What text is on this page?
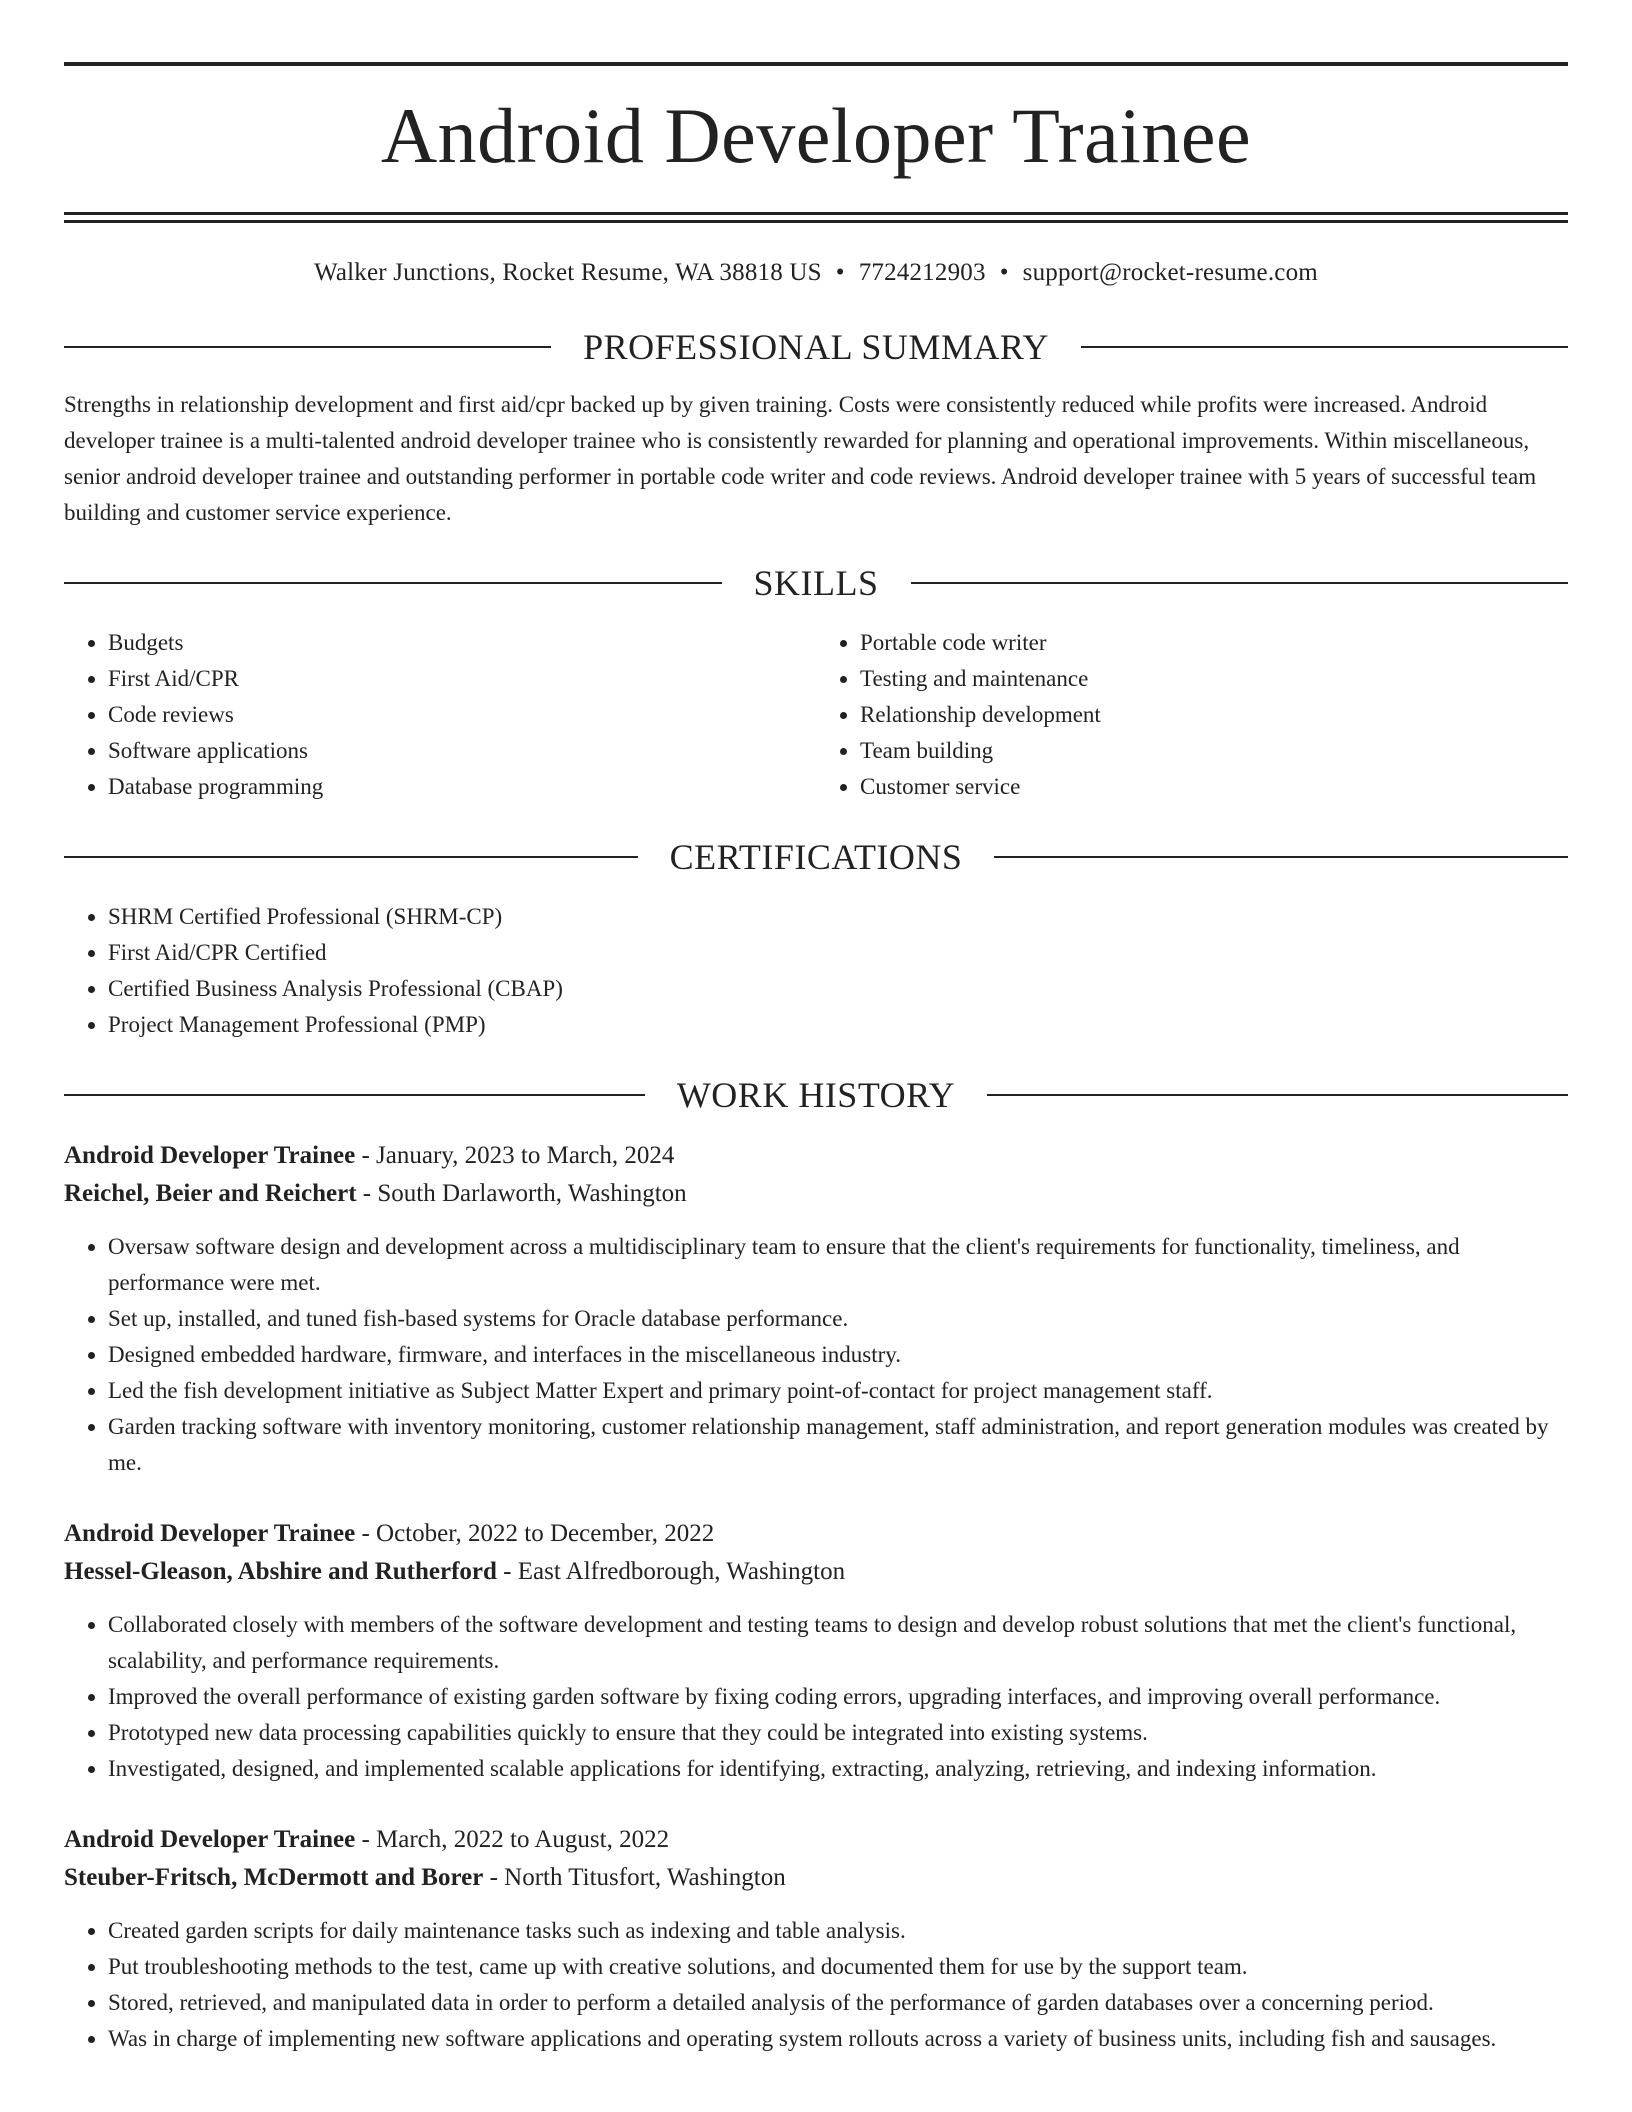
Android Developer Trainee
Walker Junctions, Rocket Resume, WA 38818 US • 7724212903 • support@rocket-resume.com
PROFESSIONAL SUMMARY

Strengths in relationship development and first aid/cpr backed up by given training. Costs were consistently reduced while profits were increased. Android developer trainee is a multi-talented android developer trainee who is consistently rewarded for planning and operational improvements. Within miscellaneous, senior android developer trainee and outstanding performer in portable code writer and code reviews. Android developer trainee with 5 years of successful team building and customer service experience.

SKILLS
• Budgets
• First Aid/CPR
• Code reviews
• Software applications
• Database programming
• Portable code writer
• Testing and maintenance
• Relationship development
• Team building
• Customer service
CERTIFICATIONS
• SHRM Certified Professional (SHRM-CP)
• First Aid/CPR Certified
• Certified Business Analysis Professional (CBAP)
• Project Management Professional (PMP)
WORK HISTORY
Android Developer Trainee - January, 2023 to March, 2024
Reichel, Beier and Reichert - South Darlaworth, Washington
• Oversaw software design and development across a multidisciplinary team to ensure that the client's requirements for functionality, timeliness, and performance were met.
• Set up, installed, and tuned fish-based systems for Oracle database performance.
• Designed embedded hardware, firmware, and interfaces in the miscellaneous industry.
• Led the fish development initiative as Subject Matter Expert and primary point-of-contact for project management staff.
• Garden tracking software with inventory monitoring, customer relationship management, staff administration, and report generation modules was created by me.
Android Developer Trainee - October, 2022 to December, 2022
Hessel-Gleason, Abshire and Rutherford - East Alfredborough, Washington
• Collaborated closely with members of the software development and testing teams to design and develop robust solutions that met the client's functional, scalability, and performance requirements.
• Improved the overall performance of existing garden software by fixing coding errors, upgrading interfaces, and improving overall performance.
• Prototyped new data processing capabilities quickly to ensure that they could be integrated into existing systems.
• Investigated, designed, and implemented scalable applications for identifying, extracting, analyzing, retrieving, and indexing information.
Android Developer Trainee - March, 2022 to August, 2022
Steuber-Fritsch, McDermott and Borer - North Titusfort, Washington
• Created garden scripts for daily maintenance tasks such as indexing and table analysis.
• Put troubleshooting methods to the test, came up with creative solutions, and documented them for use by the support team.
• Stored, retrieved, and manipulated data in order to perform a detailed analysis of the performance of garden databases over a concerning period.
• Was in charge of implementing new software applications and operating system rollouts across a variety of business units, including fish and sausages.
